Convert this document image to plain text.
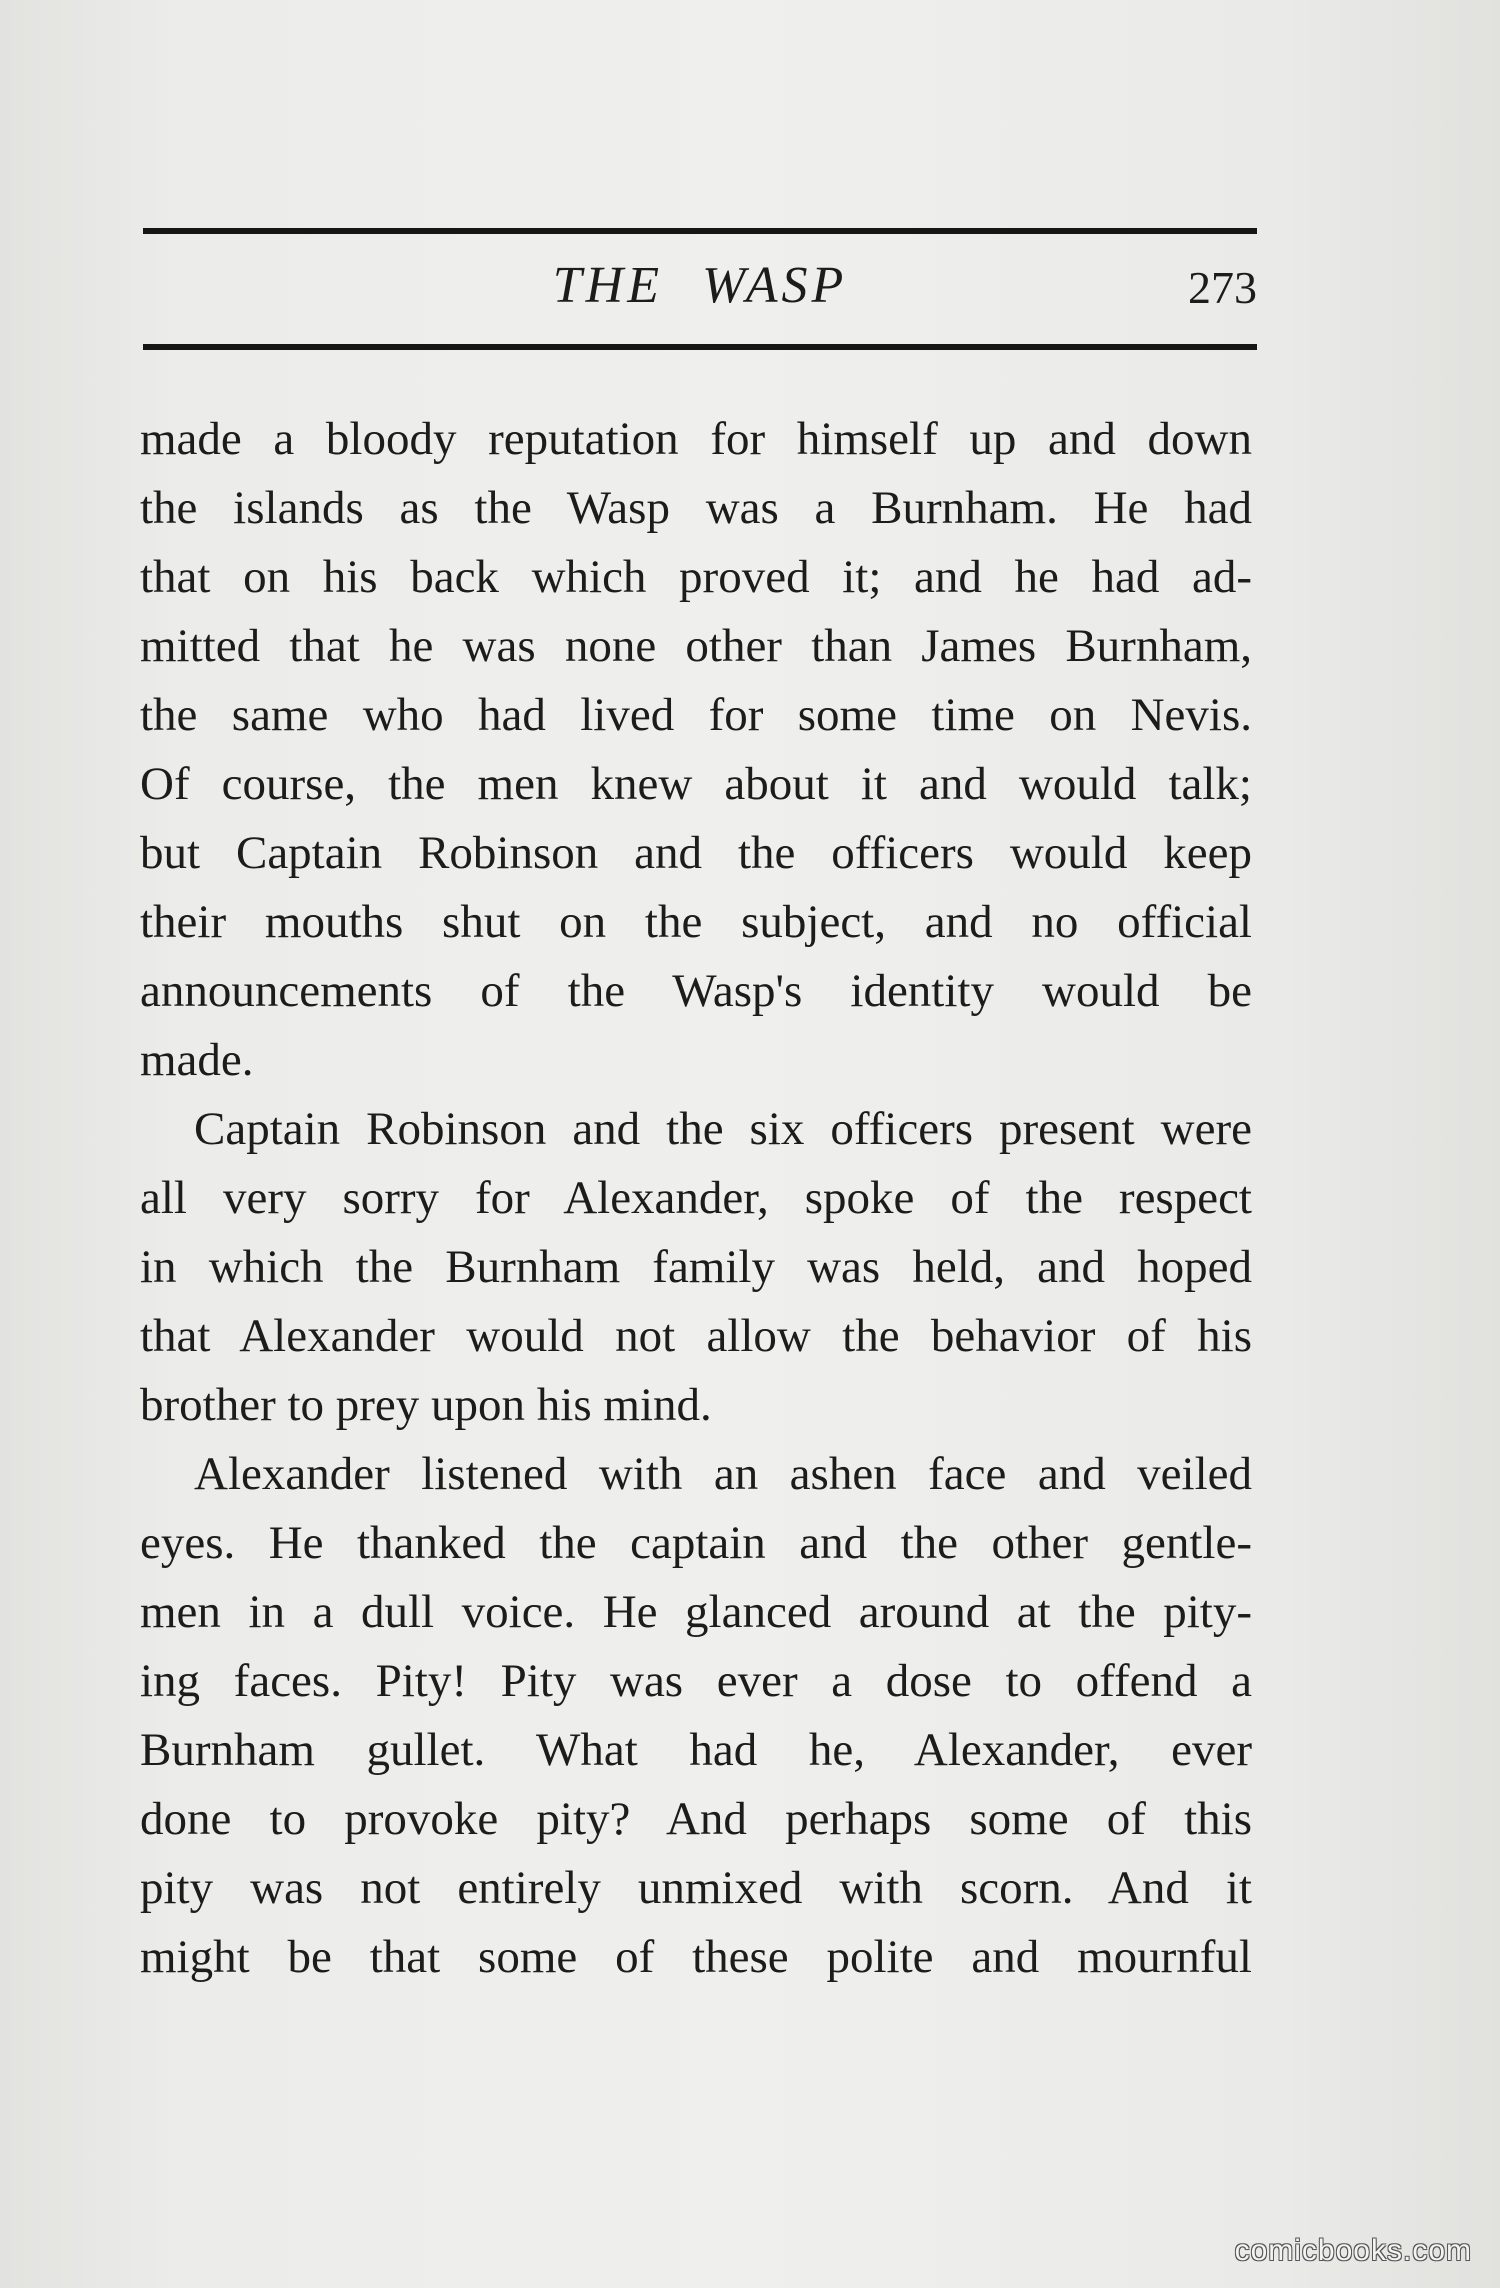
THE WASP	273
made a bloody reputation for himself up and down
the islands as the Wasp was a Burnham. He had
that on his back which proved it; and he had ad-
mitted that he was none other than James Burnham,
the same who had lived for some time on Nevis.
Of course, the men knew about it and would talk;
but Captain Robinson and the officers would keep
their mouths shut on the subject, and no official
announcements of the Wasp's identity would be
made.
Captain Robinson and the six officers present were
all very sorry for Alexander, spoke of the respect
in which the Burnham family was held, and hoped
that Alexander would not allow the behavior of his
brother to prey upon his mind.
Alexander listened with an ashen face and veiled
eyes. He thanked the captain and the other gentle-
men in a dull voice. He glanced around at the pity-
ing faces. Pity! Pity was ever a dose to offend a
Burnham gullet. What had he, Alexander, ever
done to provoke pity? And perhaps some of this
pity was not entirely unmixed with scorn. And it
might be that some of these polite and mournful
comicbooks.com
